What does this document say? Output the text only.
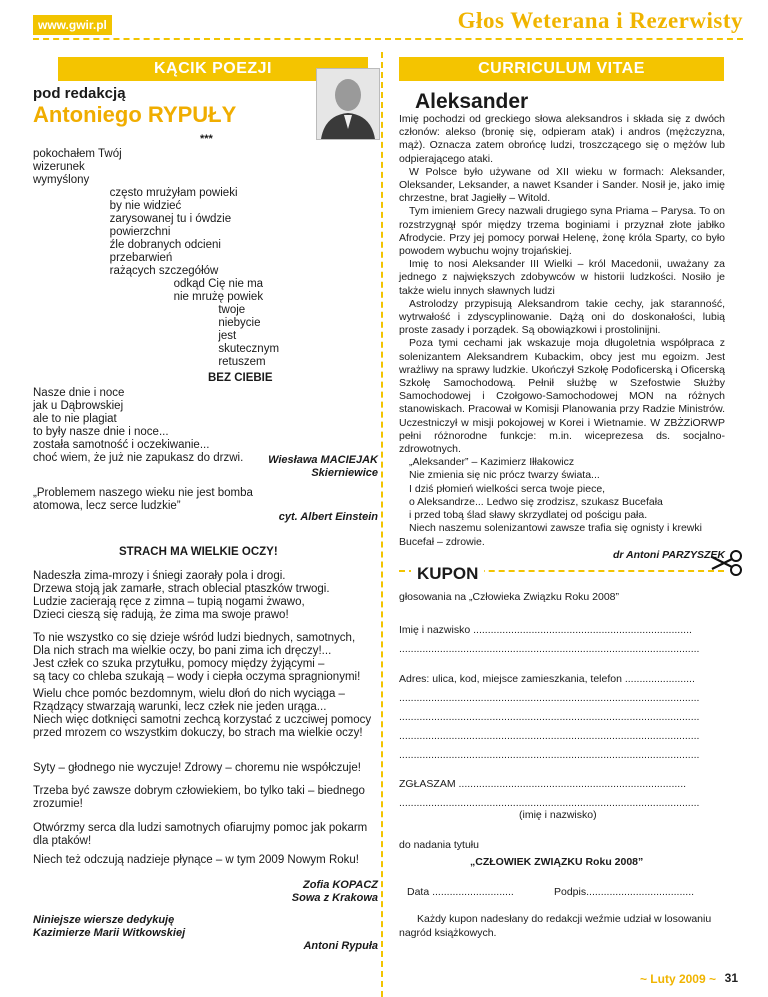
www.gwir.pl	Głos Weterana i Rezerwisty
KĄCIK POEZJI
pod redakcją
Antoniego RYPUŁY
***
pokochałem Twój
wizerunek
wymyślony
często mrużyłam powieki
by nie widzieć
zarysowanej tu i ówdzie
powierzchni
źle dobranych odcieni
przebarwień
rażących szczegółów
odkąd Cię nie ma
nie mrużę powiek
twoje
niebycie
jest
skutecznym
retuszem
BEZ CIEBIE
Nasze dnie i noce
jak u Dąbrowskiej
ale to nie plagiat
to były nasze dnie i noce...
została samotność i oczekiwanie...
choć wiem, że już nie zapukasz do drzwi. Wiesława MACIEJAK
Skierniewice
„Problemem naszego wieku nie jest bomba
atomowa, lecz serce ludzkie”
cyt. Albert Einstein
STRACH MA WIELKIE OCZY!
Nadeszła zima-mrozy i śniegi zaorały pola i drogi.
Drzewa stoją jak zamarłe, strach oblecial ptaszków trwogi.
Ludzie zacierają ręce z zimna – tupią nogami żwawo,
Dzieci cieszą się radują, że zima ma swoje prawo!
To nie wszystko co się dzieje wśród ludzi biednych, samotnych,
Dla nich strach ma wielkie oczy, bo pani zima ich dręczy!...
Jest człek co szuka przytułku, pomocy między żyjącymi –
są tacy co chleba szukają – wody i ciepła oczyma spragnionymi!
Wielu chce pomóc bezdomnym, wielu dłoń do nich wyciąga –
Rządzący stwarzają warunki, lecz człek nie jeden urąga...
Niech więc dotknięci samotni zechcą korzystać z uczciwej pomocy
przed mrozem co wszystkim dokuczy, bo strach ma wielkie oczy!
Syty – głodnego nie wyczuje! Zdrowy – choremu nie współczuje!
Trzeba być zawsze dobrym człowiekiem, bo tylko taki – biednego
zrozumie!
Otwórzmy serca dla ludzi samotnych ofiarujmy pomoc jak pokarm
dla ptaków!
Niech też odczują nadzieje płynące – w tym 2009 Nowym Roku!
Zofia KOPACZ
Sowa z Krakowa
Niniejsze wiersze dedykuję
Kazimierze Marii Witkowskiej
Antoni Rypuła
CURRICULUM VITAE
Aleksander

Imię pochodzi od greckiego słowa aleksandros i składa się z dwóch członów: alekso (bronię się, odpieram atak) i andros (mężczyzna, mąż). Oznacza zatem obrońcę ludzi, troszczącego się o mężów lub odpierającego ataki.

W Polsce było używane od XII wieku w formach: Aleksander, Oleksander, Leksander, a nawet Ksander i Sander. Nosił je, jako imię chrzestne, brat Jagiełły – Witold.

Tym imieniem Grecy nazwali drugiego syna Priama – Parysa. To on rozstrzygnął spór między trzema boginiami i przyznał złote jabłko Afrodycie. Przy jej pomocy porwał Helenę, żonę króla Sparty, co było powodem wybuchu wojny trojańskiej.

Imię to nosi Aleksander III Wielki – król Macedonii, uważany za jednego z największych zdobywców w historii ludzkości. Nosiło je także wielu innych sławnych ludzi

Astrolodzy przypisują Aleksandrom takie cechy, jak staranność, wytrwałość i zdyscyplinowanie. Dążą oni do doskonałości, lubią proste zasady i porządek. Są obowiązkowi i prostolinijni.

Poza tymi cechami jak wskazuje moja długoletnia współpraca z solenizantem Aleksandrem Kubackim, obcy jest mu egoizm. Jest wrażliwy na sprawy ludzkie. Ukończył Szkołę Podoficerską i Oficerską Szkołę Samochodową. Pełnił służbę w Szefostwie Służby Samochodowej i Czołgowo-Samochodowej MON na różnych stanowiskach. Pracował w Komisji Planowania przy Radzie Ministrów. Uczestniczył w misji pokojowej w Korei i Wietnamie. W ZBŻZiORWP pełni różnorodne funkcje: m.in. wiceprezesa ds. socjalno-zdrowotnych.

„Aleksander” – Kazimierz Iłłakowicz

Nie zmienia się nic prócz twarzy świata...

I dziś płomień wielkości serca twoje piece,

o Aleksandrze... Ledwo się zrodzisz, szukasz Bucefała

i przed tobą ślad sławy skrzydlatej od pościgu pała.

Niech naszemu solenizantowi zawsze trafia się ognisty i krewki

Bucefał – zdrowie.

dr Antoni PARZYSZEK

KUPON
głosowania na „Człowieka Związku Roku 2008”
Imię i nazwisko ...........................................................................
.......................................................................................................
Adres: ulica, kod, miejsce zamieszkania, telefon ........................
.......................................................................................................
.......................................................................................................
.......................................................................................................
.......................................................................................................
ZGŁASZAM ..............................................................................
.......................................................................................................
(imię i nazwisko)
do nadania tytułu
„CZŁOWIEK ZWIĄZKU Roku 2008”
Data ............................	Podpis.....................................
Każdy kupon nadesłany do redakcji weźmie udział w losowaniu nagród książkowych.
~ Luty 2009 ~ 31
